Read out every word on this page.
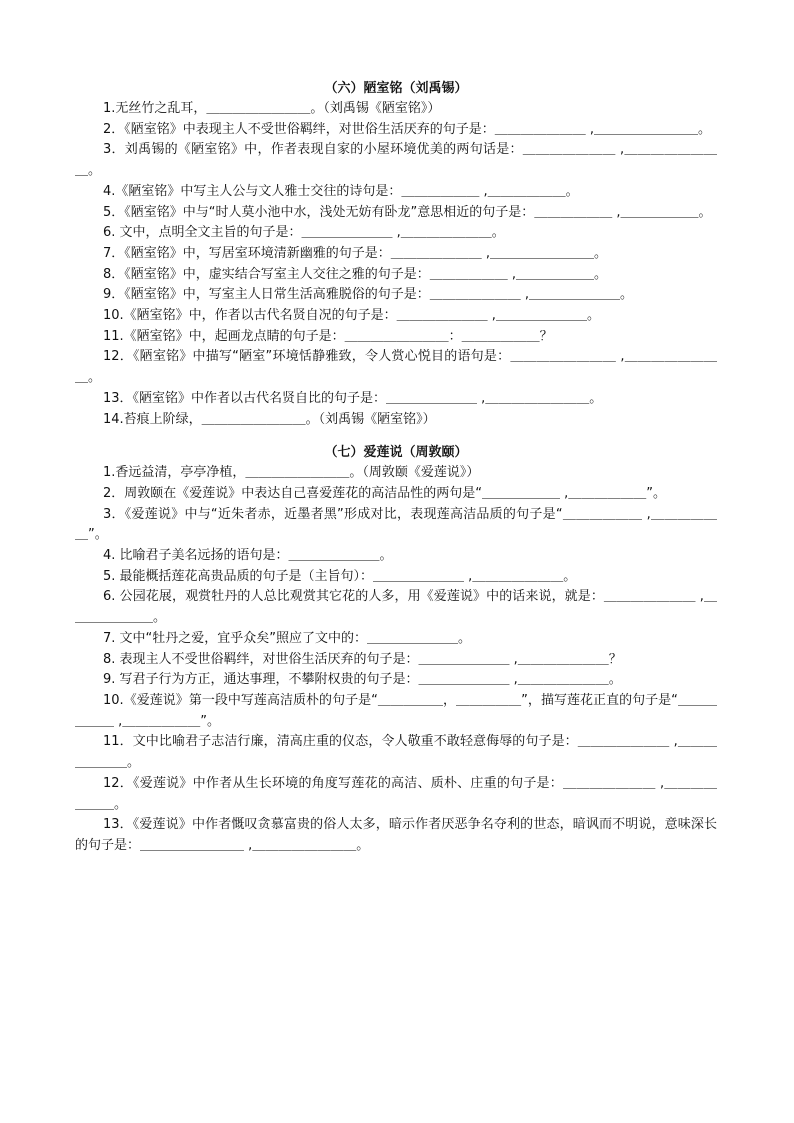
（六）陋室铭（刘禹锡）

1.无丝竹之乱耳，＿＿＿＿＿＿＿＿。（刘禹锡《陋室铭》）

2．《陋室铭》中表现主人不受世俗羁绊，对世俗生活厌弃的句子是：＿＿＿＿＿＿＿ ,＿＿＿＿＿＿＿＿。

3．刘禹锡的《陋室铭》中，作者表现自家的小屋环境优美的两句话是：＿＿＿＿＿＿＿ ,＿＿＿＿＿＿＿＿。

4.《陋室铭》中写主人公与文人雅士交往的诗句是：＿＿＿＿＿＿ ,＿＿＿＿＿＿。

5．《陋室铭》中与“时人莫小池中水，浅处无妨有卧龙”意思相近的句子是：＿＿＿＿＿＿ ,＿＿＿＿＿＿。

6. 文中，点明全文主旨的句子是：＿＿＿＿＿＿＿ ,＿＿＿＿＿＿＿。

7．《陋室铭》中，写居室环境清新幽雅的句子是：＿＿＿＿＿＿＿ ,＿＿＿＿＿＿＿＿。

8．《陋室铭》中，虚实结合写室主人交往之雅的句子是：＿＿＿＿＿＿ ,＿＿＿＿＿＿。

9．《陋室铭》中，写室主人日常生活高雅脱俗的句子是：＿＿＿＿＿＿＿ ,＿＿＿＿＿＿＿。

10.《陋室铭》中，作者以古代名贤自况的句子是：＿＿＿＿＿＿＿ ,＿＿＿＿＿＿＿。

11.《陋室铭》中，起画龙点睛的句子是：＿＿＿＿＿＿＿＿：＿＿＿＿＿＿？

12．《陋室铭》中描写“陋室”环境恬静雅致，令人赏心悦目的语句是：＿＿＿＿＿＿＿＿ ,＿＿＿＿＿＿＿＿。

13．《陋室铭》中作者以古代名贤自比的句子是：＿＿＿＿＿＿＿ ,＿＿＿＿＿＿＿＿。

14.苔痕上阶绿，＿＿＿＿＿＿＿＿。（刘禹锡《陋室铭》）

（七）爱莲说（周敦颐）

1.香远益清，亭亭净植，＿＿＿＿＿＿＿＿。（周敦颐《爱莲说》）

2．周敦颐在《爱莲说》中表达自己喜爱莲花的高洁品性的两句是“＿＿＿＿＿＿ ,＿＿＿＿＿＿”。

3．《爱莲说》中与“近朱者赤，近墨者黑”形成对比，表现莲高洁品质的句子是“＿＿＿＿＿＿ ,＿＿＿＿＿＿”。

4. 比喻君子美名远扬的语句是：＿＿＿＿＿＿＿。

5. 最能概括莲花高贵品质的句子是（主旨句）：＿＿＿＿＿＿＿ ,＿＿＿＿＿＿＿。

6. 公园花展，观赏牡丹的人总比观赏其它花的人多，用《爱莲说》中的话来说，就是：＿＿＿＿＿＿＿ ,＿＿＿＿＿＿＿。

7. 文中“牡丹之爱，宜乎众矣”照应了文中的：＿＿＿＿＿＿＿。

8. 表现主人不受世俗羁绊，对世俗生活厌弃的句子是：＿＿＿＿＿＿＿ ,＿＿＿＿＿＿＿？

9. 写君子行为方正，通达事理，不攀附权贵的句子是：＿＿＿＿＿＿＿ ,＿＿＿＿＿＿＿。

10.《爱莲说》第一段中写莲高洁质朴的句子是“＿＿＿＿＿，＿＿＿＿＿”，描写莲花正直的句子是“＿＿＿＿＿＿ ,＿＿＿＿＿＿”。

11．文中比喻君子志洁行廉，清高庄重的仪态，令人敬重不敢轻意侮辱的句子是：＿＿＿＿＿＿＿ ,＿＿＿＿＿＿＿。

12．《爱莲说》中作者从生长环境的角度写莲花的高洁、质朴、庄重的句子是：＿＿＿＿＿＿＿ ,＿＿＿＿＿＿＿。

13．《爱莲说》中作者慨叹贪慕富贵的俗人太多，暗示作者厌恶争名夺利的世态，暗讽而不明说，意味深长的句子是：＿＿＿＿＿＿＿＿ ,＿＿＿＿＿＿＿＿。
